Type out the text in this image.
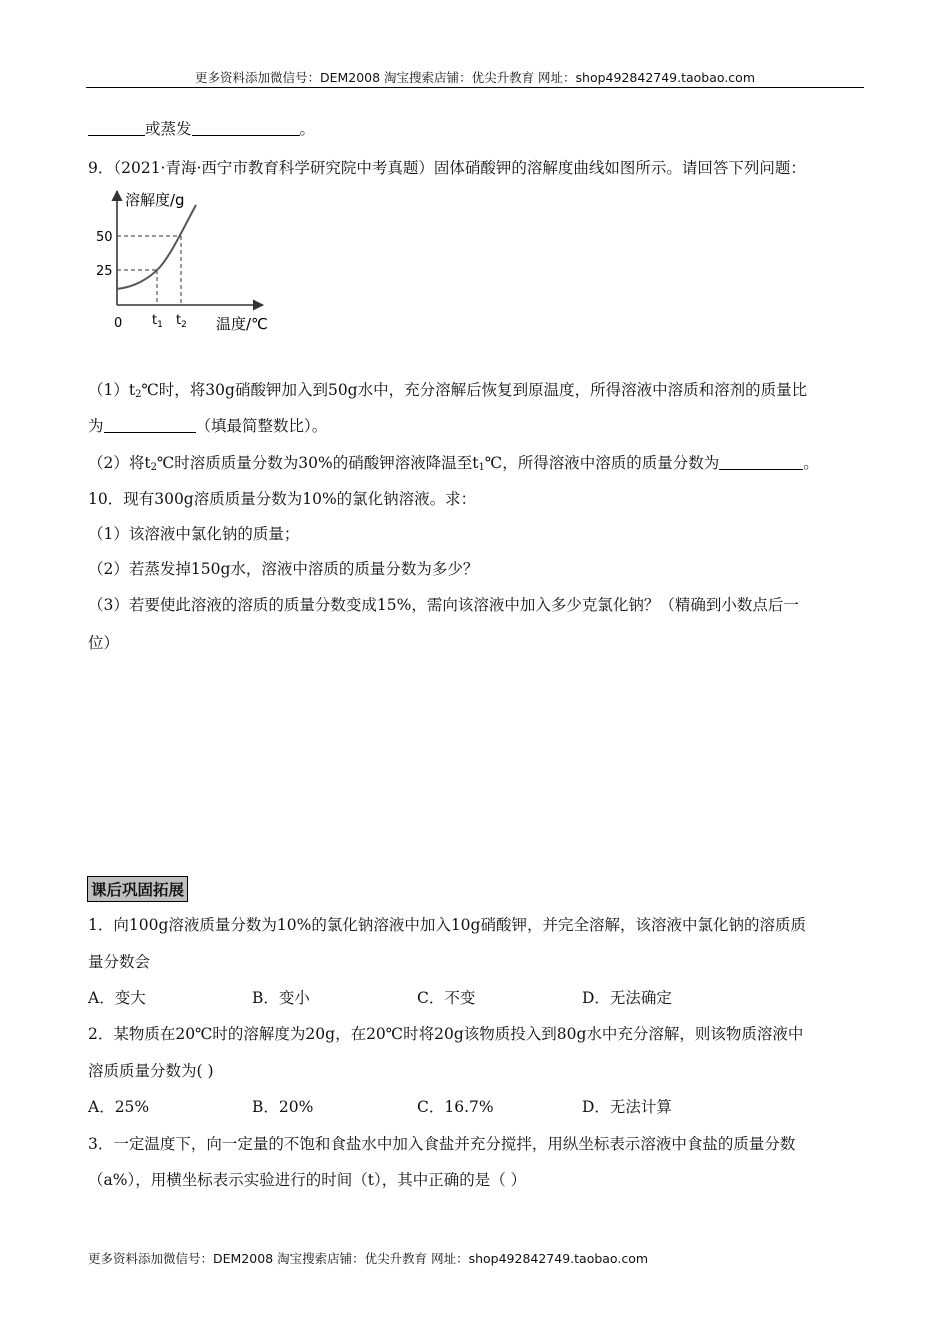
更多资料添加微信号：DEM2008 淘宝搜索店铺：优尖升教育 网址：shop492842749.taobao.com
或蒸发	。
9．（2021·青海·西宁市教育科学研究院中考真题）固体硝酸钾的溶解度曲线如图所示。请回答下列问题：
溶解度/g
50
25
0 $t_1$ $t_2$ 温度/℃
$(1)t_2℃$时，将30g硝酸钾加入到50g水中，充分溶解后恢复到原温度，所得溶液中溶质和溶剂的质量比
为	（填最简整数比）。
（2）将$t_2℃$时溶质质量分数为30%的硝酸钾溶液降温至$t_1℃$，所得溶液中溶质的质量分数为	。
10．现有300g溶质质量分数为10%的氯化钠溶液。求：
（1）该溶液中氯化钠的质量；
（2）若蒸发掉150g水，溶液中溶质的质量分数为多少？
（3）若要使此溶液的溶质的质量分数变成15%，需向该溶液中加入多少克氯化钠？（精确到小数点后一
位）
课后巩固拓展
1．向100g溶液质量分数为10%的氯化钠溶液中加入10g硝酸钾，并完全溶解，该溶液中氯化钠的溶质质
量分数会
A．变大	B．变小	C．不变	D．无法确定
2．某物质在20℃时的溶解度为20g，在20℃时将20g该物质投入到80g水中充分溶解，则该物质溶液中
溶质质量分数为( )
A．25%	B．20%	C．16.7%	D．无法计算
3．一定温度下，向一定量的不饱和食盐水中加入食盐并充分搅拌，用纵坐标表示溶液中食盐的质量分数
（a%），用横坐标表示实验进行的时间（t），其中正确的是（ ）
更多资料添加微信号：DEM2008 淘宝搜索店铺：优尖升教育 网址：shop492842749.taobao.com
